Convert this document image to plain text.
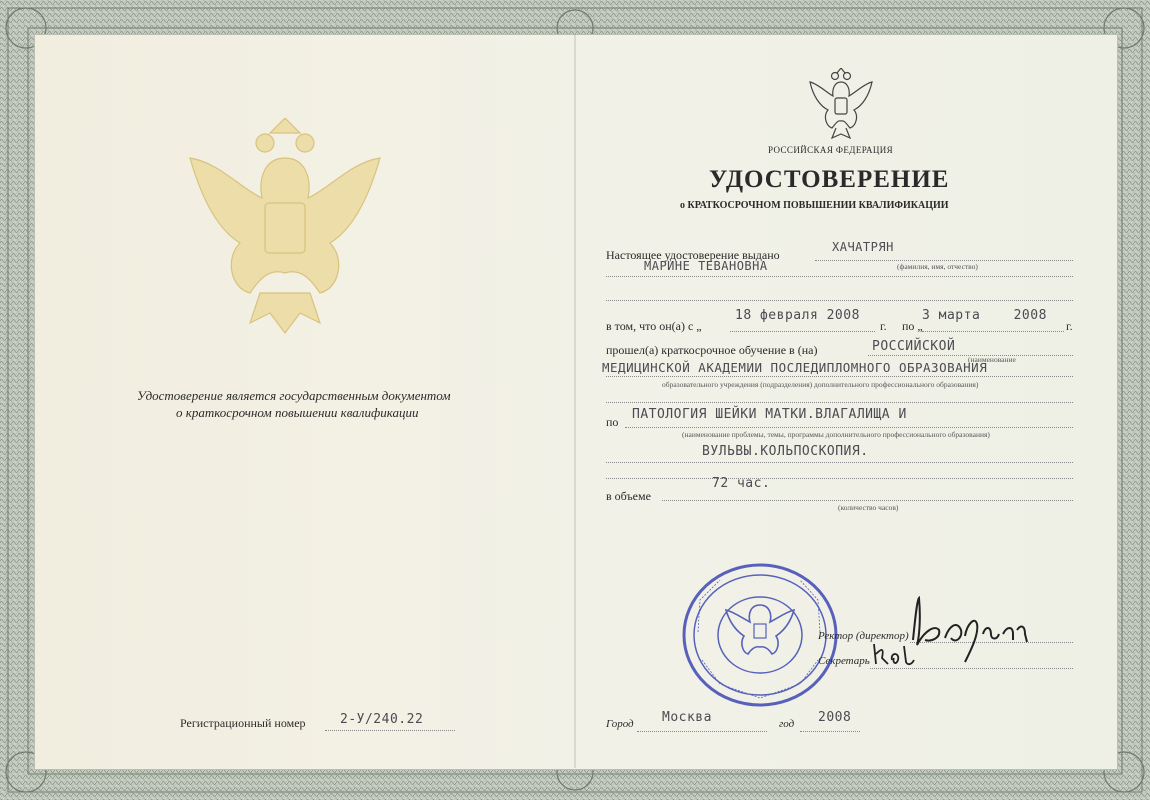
Удостоверение является государственным документом
о краткосрочном повышении квалификации
Регистрационный номер	2-У/240.22
РОССИЙСКАЯ ФЕДЕРАЦИЯ
УДОСТОВЕРЕНИЕ
о КРАТКОСРОЧНОМ ПОВЫШЕНИИ КВАЛИФИКАЦИИ
Настоящее удостоверение выдано
ХАЧАТРЯН
МАРИНЕ ТЕВАНОВНА	(фамилия, имя, отчество)
в том, что он(а) с „
18 февраля 2008
г. по „
3 марта    2008
г.
прошел(а) краткосрочное обучение в (на)	РОССИЙСКОЙ
(наименование
МЕДИЦИНСКОЙ АКАДЕМИИ ПОСЛЕДИПЛОМНОГО ОБРАЗОВАНИЯ
образовательного учреждения (подразделения) дополнительного профессионального образования)
по ПАТОЛОГИЯ ШЕЙКИ МАТКИ.ВЛАГАЛИЩА И
(наименование проблемы, темы, программы дополнительного профессионального образования)
ВУЛЬВЫ.КОЛЬПОСКОПИЯ.
в объеме
72 час.
(количество часов)
Ректор (директор)
Секретарь
Город Москва	год 2008
